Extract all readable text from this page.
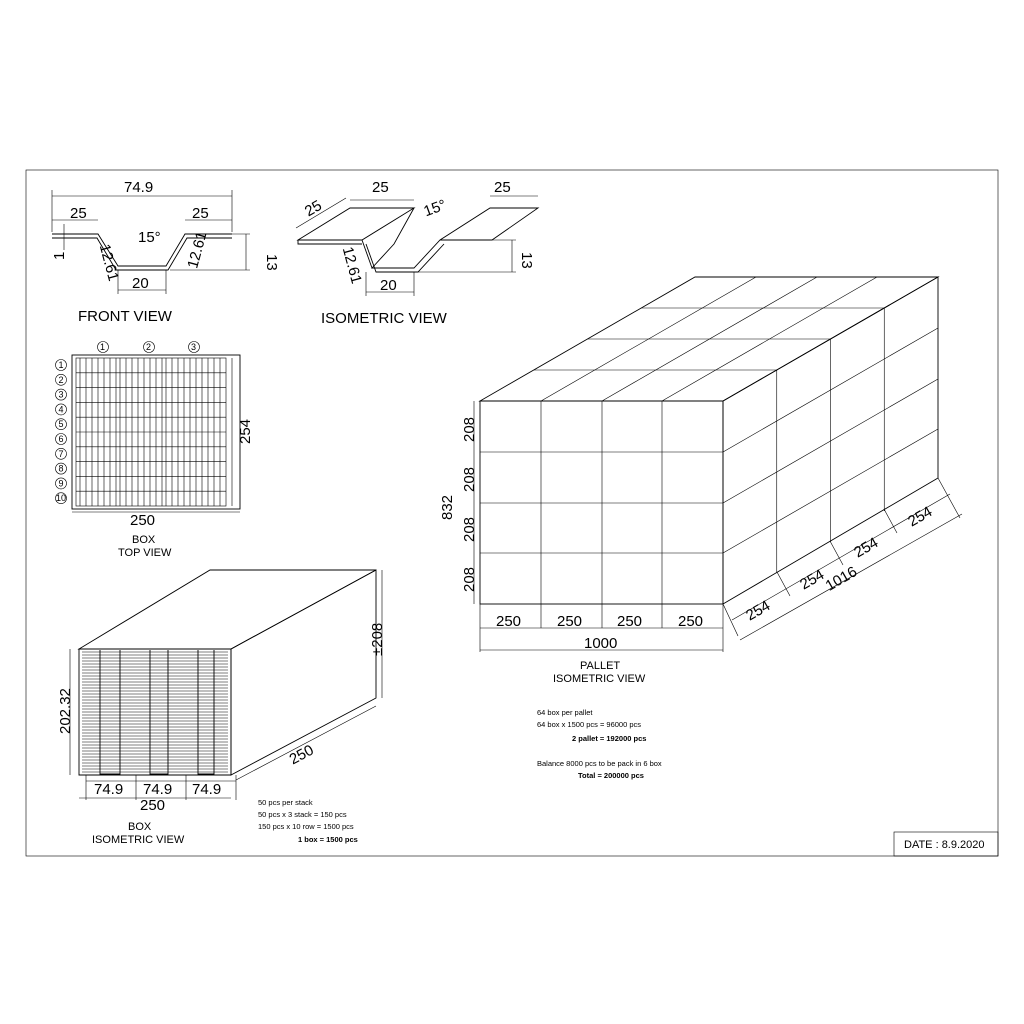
74.9
25	25
15°
12.61	12.61
20
13
1
FRONT VIEW
25
25	25
15°
12.61 20
13
ISOMETRIC VIEW
1	2	3
1
2
3
4
5
6
7
8
9
10
250
254
BOX
TOP VIEW
202.32
±208
250
74.9 74.9 74.9
250
BOX
ISOMETRIC VIEW
50 pcs per stack
50 pcs x 3 stack = 150 pcs
150 pcs x 10 row = 1500 pcs
1 box = 1500 pcs
208
208
208
208
832
250 250 250 250
1000
254
254
254
254
1016
PALLET
ISOMETRIC VIEW
64 box per pallet
64 box x 1500 pcs = 96000 pcs
2 pallet = 192000 pcs
Balance 8000 pcs to be pack in 6 box
Total = 200000 pcs
DATE : 8.9.2020
